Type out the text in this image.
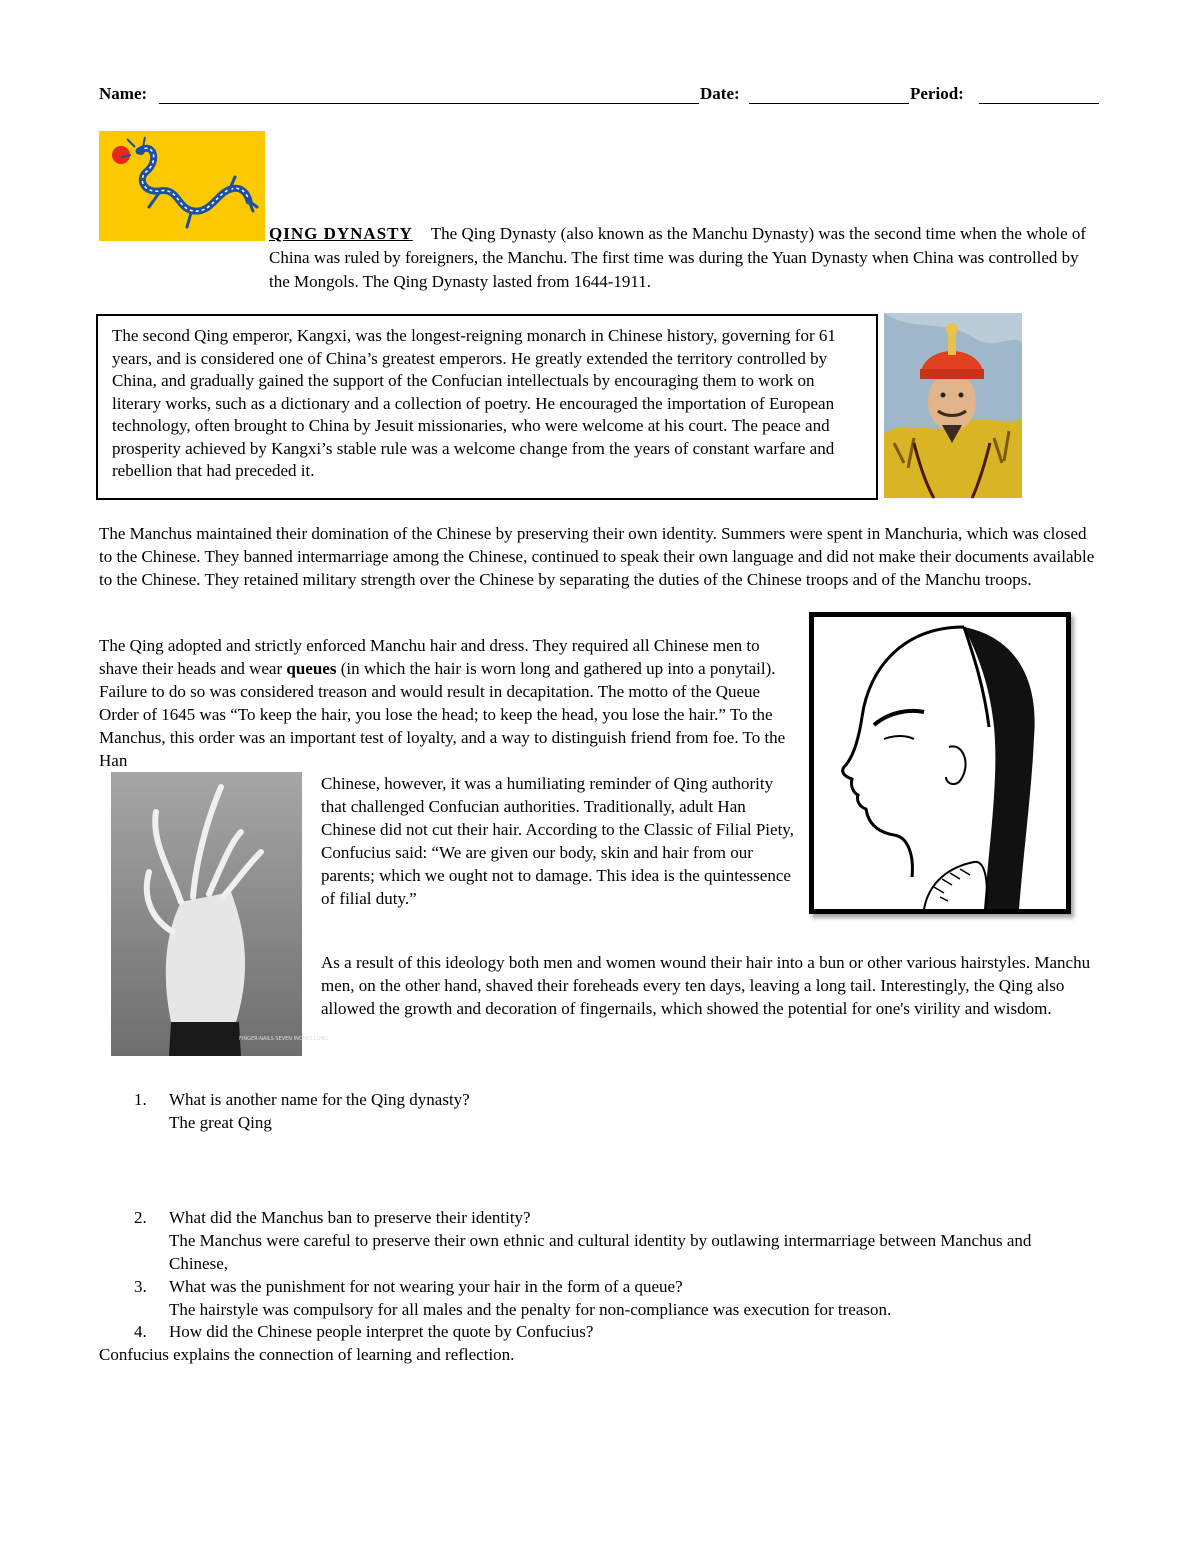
Name:	Date:	Period:
QING DYNASTY The Qing Dynasty (also known as the Manchu Dynasty) was the second time when the whole of China was ruled by foreigners, the Manchu. The first time was during the Yuan Dynasty when China was controlled by the Mongols. The Qing Dynasty lasted from 1644-1911.
The second Qing emperor, Kangxi, was the longest-reigning monarch in Chinese history, governing for 61 years, and is considered one of China’s greatest emperors. He greatly extended the territory controlled by China, and gradually gained the support of the Confucian intellectuals by encouraging them to work on literary works, such as a dictionary and a collection of poetry. He encouraged the importation of European technology, often brought to China by Jesuit missionaries, who were welcome at his court. The peace and prosperity achieved by Kangxi’s stable rule was a welcome change from the years of constant warfare and rebellion that had preceded it.
The Manchus maintained their domination of the Chinese by preserving their own identity. Summers were spent in Manchuria, which was closed to the Chinese. They banned intermarriage among the Chinese, continued to speak their own language and did not make their documents available to the Chinese. They retained military strength over the Chinese by separating the duties of the Chinese troops and of the Manchu troops.
The Qing adopted and strictly enforced Manchu hair and dress. They required all Chinese men to shave their heads and wear queues (in which the hair is worn long and gathered up into a ponytail). Failure to do so was considered treason and would result in decapitation. The motto of the Queue Order of 1645 was “To keep the hair, you lose the head; to keep the head, you lose the hair.” To the Manchus, this order was an important test of loyalty, and a way to distinguish friend from foe. To the Han
FINGER-NAILS SEVEN INCHES LONG
Chinese, however, it was a humiliating reminder of Qing authority that challenged Confucian authorities. Traditionally, adult Han Chinese did not cut their hair. According to the Classic of Filial Piety, Confucius said: “We are given our body, skin and hair from our parents; which we ought not to damage. This idea is the quintessence of filial duty.”
As a result of this ideology both men and women wound their hair into a bun or other various hairstyles. Manchu men, on the other hand, shaved their foreheads every ten days, leaving a long tail. Interestingly, the Qing also allowed the growth and decoration of fingernails, which showed the potential for one's virility and wisdom.
1.	What is another name for the Qing dynasty?
The great Qing
2.	What did the Manchus ban to preserve their identity?
The Manchus were careful to preserve their own ethnic and cultural identity by outlawing intermarriage between Manchus and Chinese,
3.	What was the punishment for not wearing your hair in the form of a queue?
The hairstyle was compulsory for all males and the penalty for non-compliance was execution for treason.
4.	How did the Chinese people interpret the quote by Confucius?
Confucius explains the connection of learning and reflection.
